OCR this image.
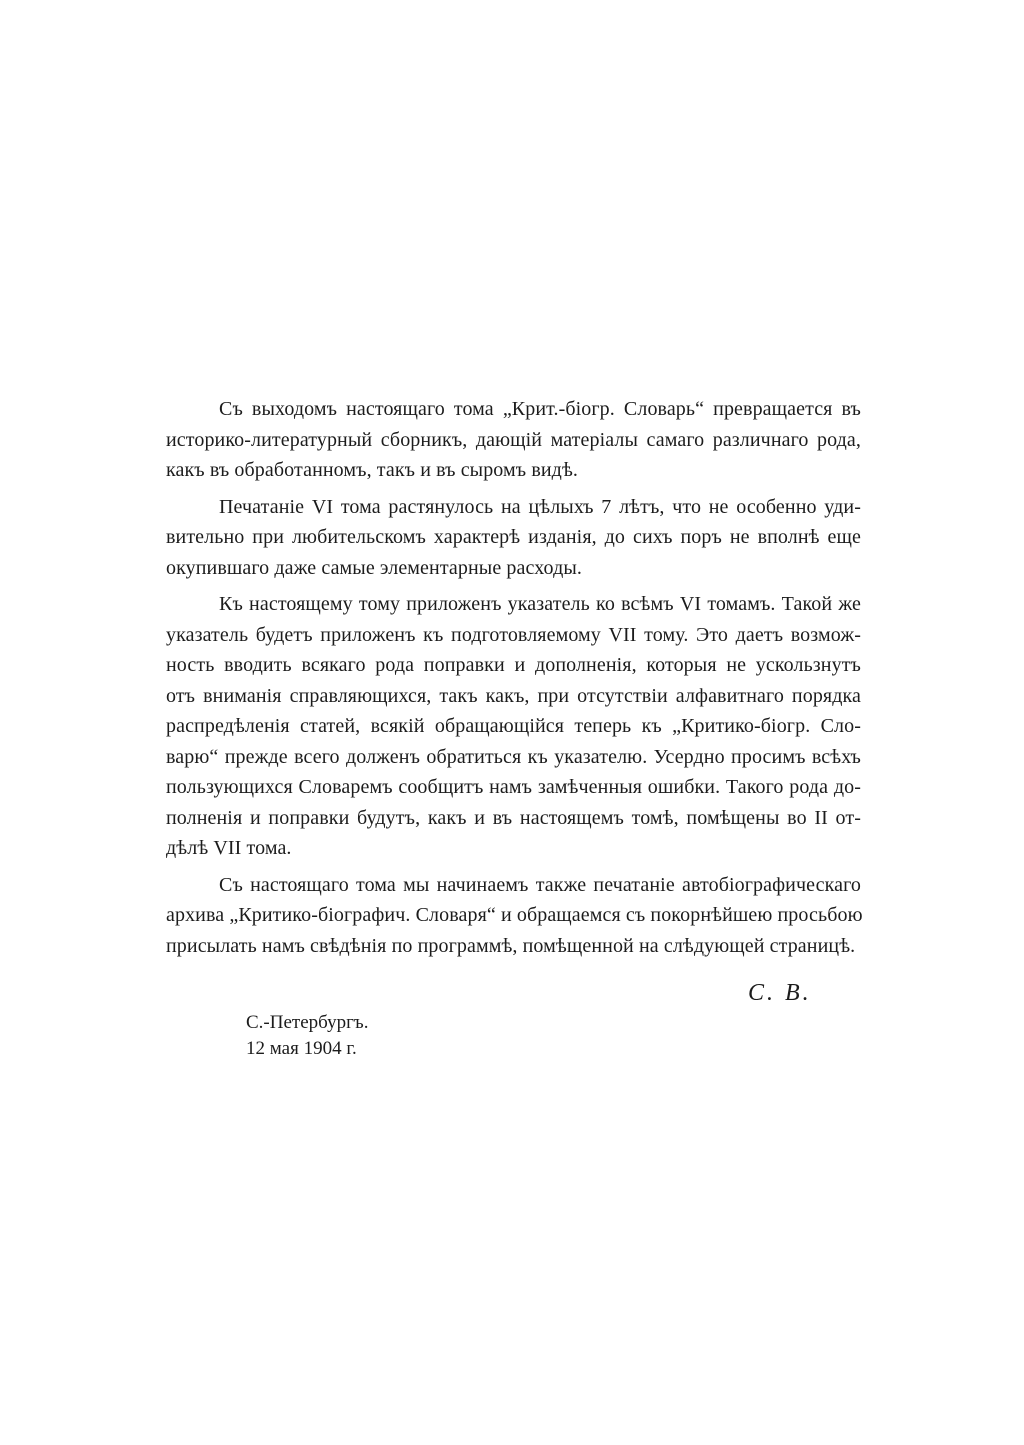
Съ выходомъ настоящаго тома „Крит.-біогр. Словарь“ превращается въ
историко-литературный сборникъ, дающій матеріалы самаго различнаго рода,
какъ въ обработанномъ, такъ и въ сыромъ видѣ.

Печатаніе VI тома растянулось на цѣлыхъ 7 лѣтъ, что не особенно уди-
вительно при любительскомъ характерѣ изданія, до сихъ поръ не вполнѣ еще
окупившаго даже самые элементарные расходы.

Къ настоящему тому приложенъ указатель ко всѣмъ VI томамъ. Такой же
указатель будетъ приложенъ къ подготовляемому VII тому. Это даетъ возмож-
ность вводить всякаго рода поправки и дополненія, которыя не ускользнутъ
отъ вниманія справляющихся, такъ какъ, при отсутствіи алфавитнаго порядка
распредѣленія статей, всякій обращающійся теперь къ „Критико-біогр. Сло-
варю“ прежде всего долженъ обратиться къ указателю. Усердно просимъ всѣхъ
пользующихся Словаремъ сообщитъ намъ замѣченныя ошибки. Такого рода до-
полненія и поправки будутъ, какъ и въ настоящемъ томѣ, помѣщены во II от-
дѣлѣ VII тома.

Съ настоящаго тома мы начинаемъ также печатаніе автобіографическаго
архива „Критико-біографич. Словаря“ и обращаемся съ покорнѣйшею просьбою
присылать намъ свѣдѣнія по программѣ, помѣщенной на слѣдующей страницѣ.

С. В.
С.-Петербургъ.
12 мая 1904 г.
